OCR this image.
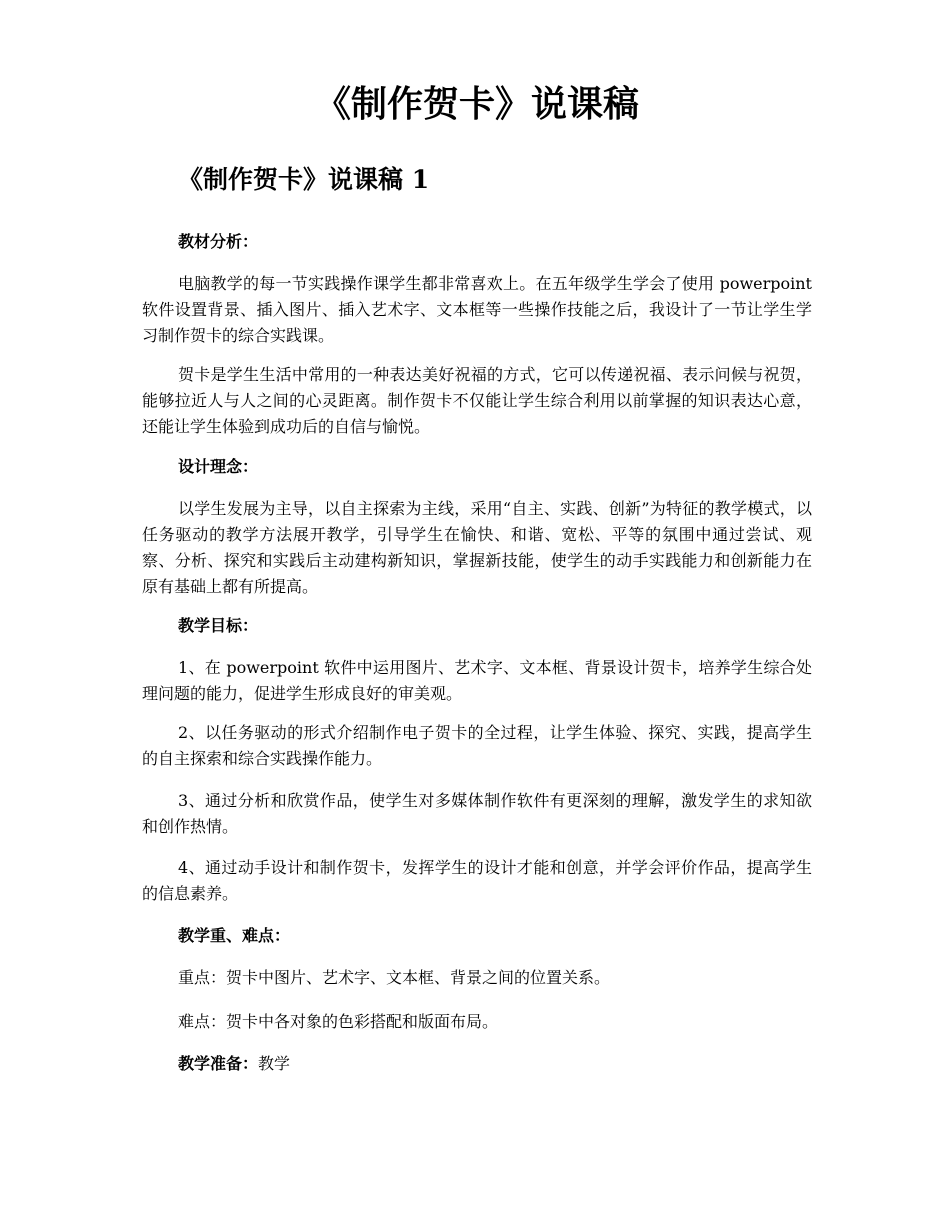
《制作贺卡》说课稿
《制作贺卡》说课稿 1

教材分析：

电脑教学的每一节实践操作课学生都非常喜欢上。在五年级学生学会了使用 powerpoint 软件设置背景、插入图片、插入艺术字、文本框等一些操作技能之后，我设计了一节让学生学习制作贺卡的综合实践课。

贺卡是学生生活中常用的一种表达美好祝福的方式，它可以传递祝福、表示问候与祝贺，能够拉近人与人之间的心灵距离。制作贺卡不仅能让学生综合利用以前掌握的知识表达心意，还能让学生体验到成功后的自信与愉悦。

设计理念：

以学生发展为主导，以自主探索为主线，采用“自主、实践、创新”为特征的教学模式，以任务驱动的教学方法展开教学，引导学生在愉快、和谐、宽松、平等的氛围中通过尝试、观察、分析、探究和实践后主动建构新知识，掌握新技能，使学生的动手实践能力和创新能力在原有基础上都有所提高。

教学目标：

1、在 powerpoint 软件中运用图片、艺术字、文本框、背景设计贺卡，培养学生综合处理问题的能力，促进学生形成良好的审美观。

2、以任务驱动的形式介绍制作电子贺卡的全过程，让学生体验、探究、实践，提高学生的自主探索和综合实践操作能力。

3、通过分析和欣赏作品，使学生对多媒体制作软件有更深刻的理解，激发学生的求知欲和创作热情。

4、通过动手设计和制作贺卡，发挥学生的设计才能和创意，并学会评价作品，提高学生的信息素养。

教学重、难点：

重点：贺卡中图片、艺术字、文本框、背景之间的位置关系。

难点：贺卡中各对象的色彩搭配和版面布局。

教学准备：教学
